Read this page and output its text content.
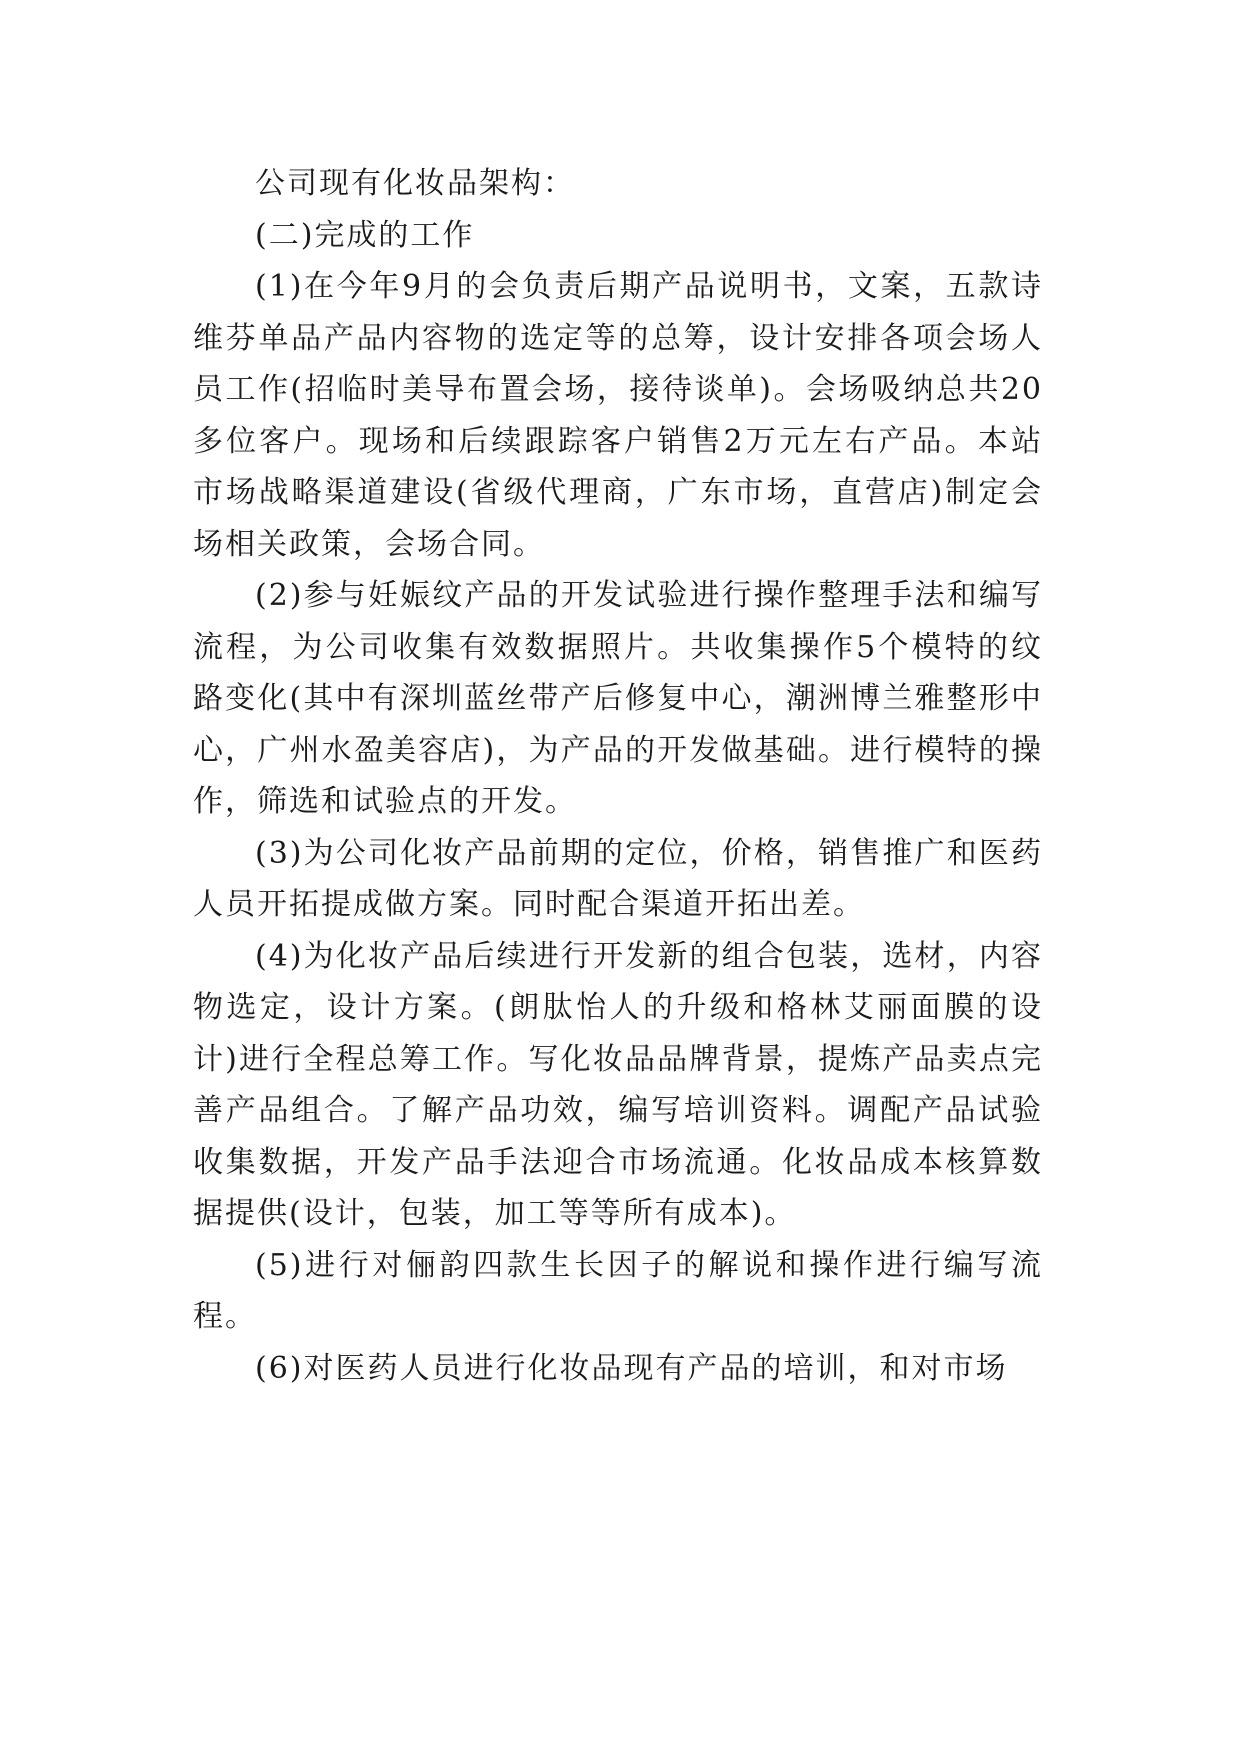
公司现有化妆品架构：

(二)完成的工作

(1)在今年9月的会负责后期产品说明书，文案，五款诗维芬单品产品内容物的选定等的总筹，设计安排各项会场人员工作(招临时美导布置会场，接待谈单)。会场吸纳总共20多位客户。现场和后续跟踪客户销售2万元左右产品。本站市场战略渠道建设(省级代理商，广东市场，直营店)制定会场相关政策，会场合同。

(2)参与妊娠纹产品的开发试验进行操作整理手法和编写流程，为公司收集有效数据照片。共收集操作5个模特的纹路变化(其中有深圳蓝丝带产后修复中心，潮洲博兰雅整形中心，广州水盈美容店)，为产品的开发做基础。进行模特的操作，筛选和试验点的开发。

(3)为公司化妆产品前期的定位，价格，销售推广和医药人员开拓提成做方案。同时配合渠道开拓出差。

(4)为化妆产品后续进行开发新的组合包装，选材，内容物选定，设计方案。(朗肽怡人的升级和格林艾丽面膜的设计)进行全程总筹工作。写化妆品品牌背景，提炼产品卖点完善产品组合。了解产品功效，编写培训资料。调配产品试验收集数据，开发产品手法迎合市场流通。化妆品成本核算数据提供(设计，包装，加工等等所有成本)。

(5)进行对俪韵四款生长因子的解说和操作进行编写流程。

(6)对医药人员进行化妆品现有产品的培训，和对市场
